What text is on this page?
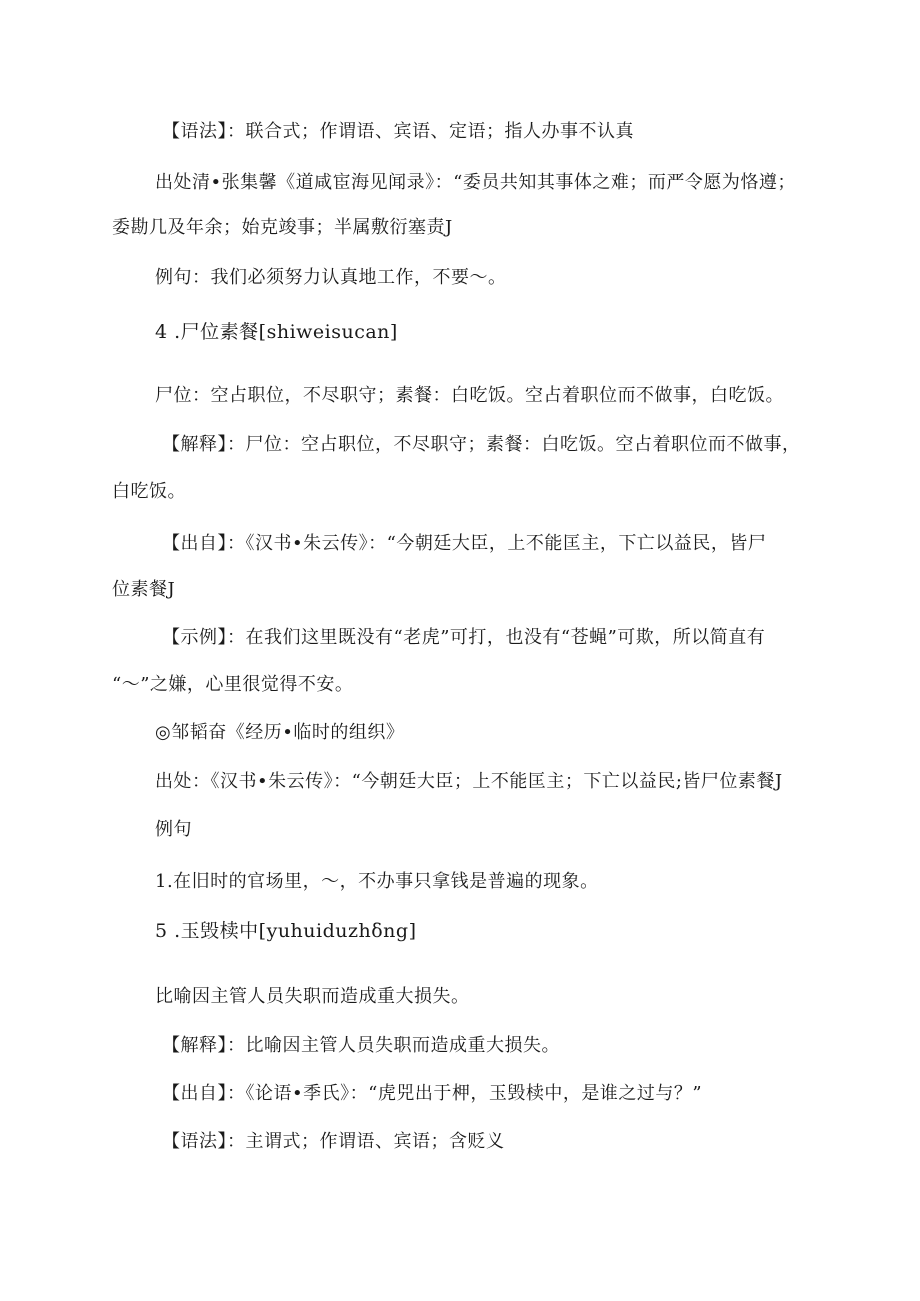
【语法】：联合式；作谓语、宾语、定语；指人办事不认真
出处清•张集馨《道咸宦海见闻录》：“委员共知其事体之难；而严令愿为恪遵；
委勘几及年余；始克竣事；半属敷衍塞责J
例句：我们必须努力认真地工作，不要～。
4 .尸位素餐[shiweisucan]
尸位：空占职位，不尽职守；素餐：白吃饭。空占着职位而不做事，白吃饭。
【解释】：尸位：空占职位，不尽职守；素餐：白吃饭。空占着职位而不做事，
白吃饭。
【出自】：《汉书•朱云传》：“今朝廷大臣，上不能匡主，下亡以益民，皆尸
位素餐J
【示例】：在我们这里既没有“老虎”可打，也没有“苍蝇”可欺，所以简直有
“～”之嫌，心里很觉得不安。
◎邹韬奋《经历•临时的组织》
出处：《汉书•朱云传》：“今朝廷大臣；上不能匡主；下亡以益民;皆尸位素餐J
例句
1.在旧时的官场里，～，不办事只拿钱是普遍的现象。
5 .玉毁椟中[yuhuiduzhδng]
比喻因主管人员失职而造成重大损失。
【解释】：比喻因主管人员失职而造成重大损失。
【出自】：《论语•季氏》：“虎兕出于柙，玉毁椟中，是谁之过与？”
【语法】：主谓式；作谓语、宾语；含贬义
